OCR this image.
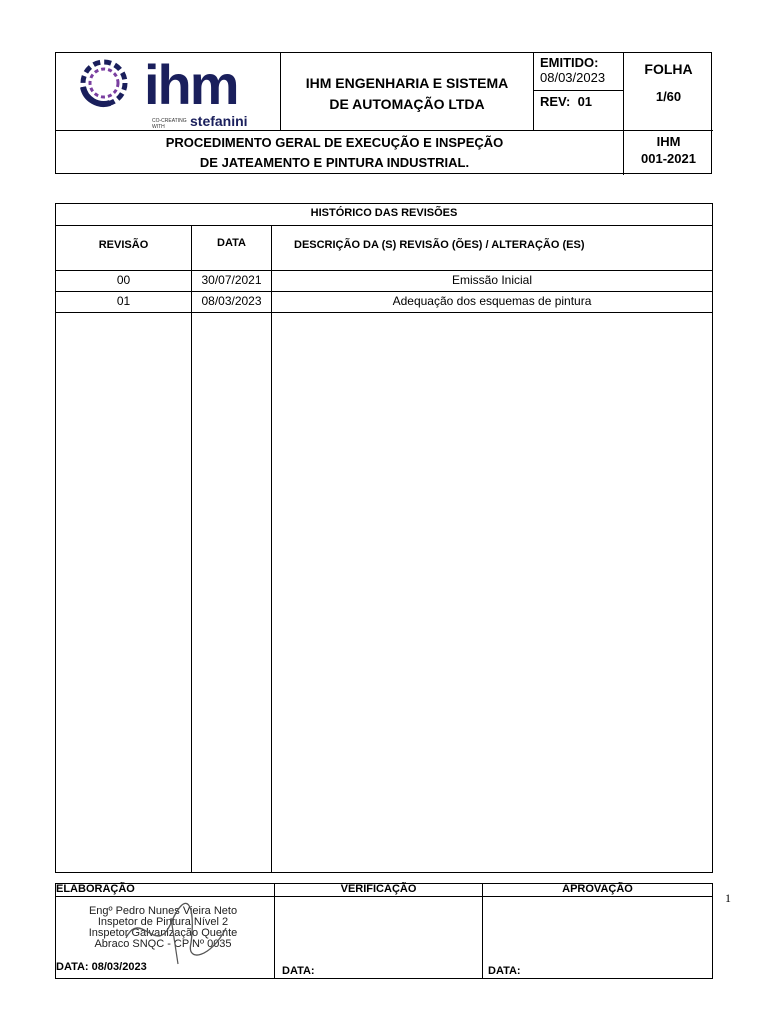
ihm
CO-CREATING WITH	stefanini
IHM ENGENHARIA E SISTEMA
DE AUTOMAÇÃO LTDA
EMITIDO:
08/03/2023
REV:  01
FOLHA
1/60
PROCEDIMENTO GERAL DE EXECUÇÃO E INSPEÇÃO
DE JATEAMENTO E PINTURA INDUSTRIAL.
IHM
001-2021
HISTÓRICO DAS REVISÕES
REVISÃO	DATA	DESCRIÇÃO DA (S) REVISÃO (ÕES) / ALTERAÇÃO (ES)
00	30/07/2021	Emissão Inicial
01	08/03/2023	Adequação dos esquemas de pintura
ELABORAÇÃO	VERIFICAÇÃO	APROVAÇÃO
Engº Pedro Nunes Vieira Neto
Inspetor de Pintura Nível 2
Inspetor Galvanização Quente
Abraco SNQC - CP Nº 0035
DATA: 08/03/2023	DATA:	DATA:
1
